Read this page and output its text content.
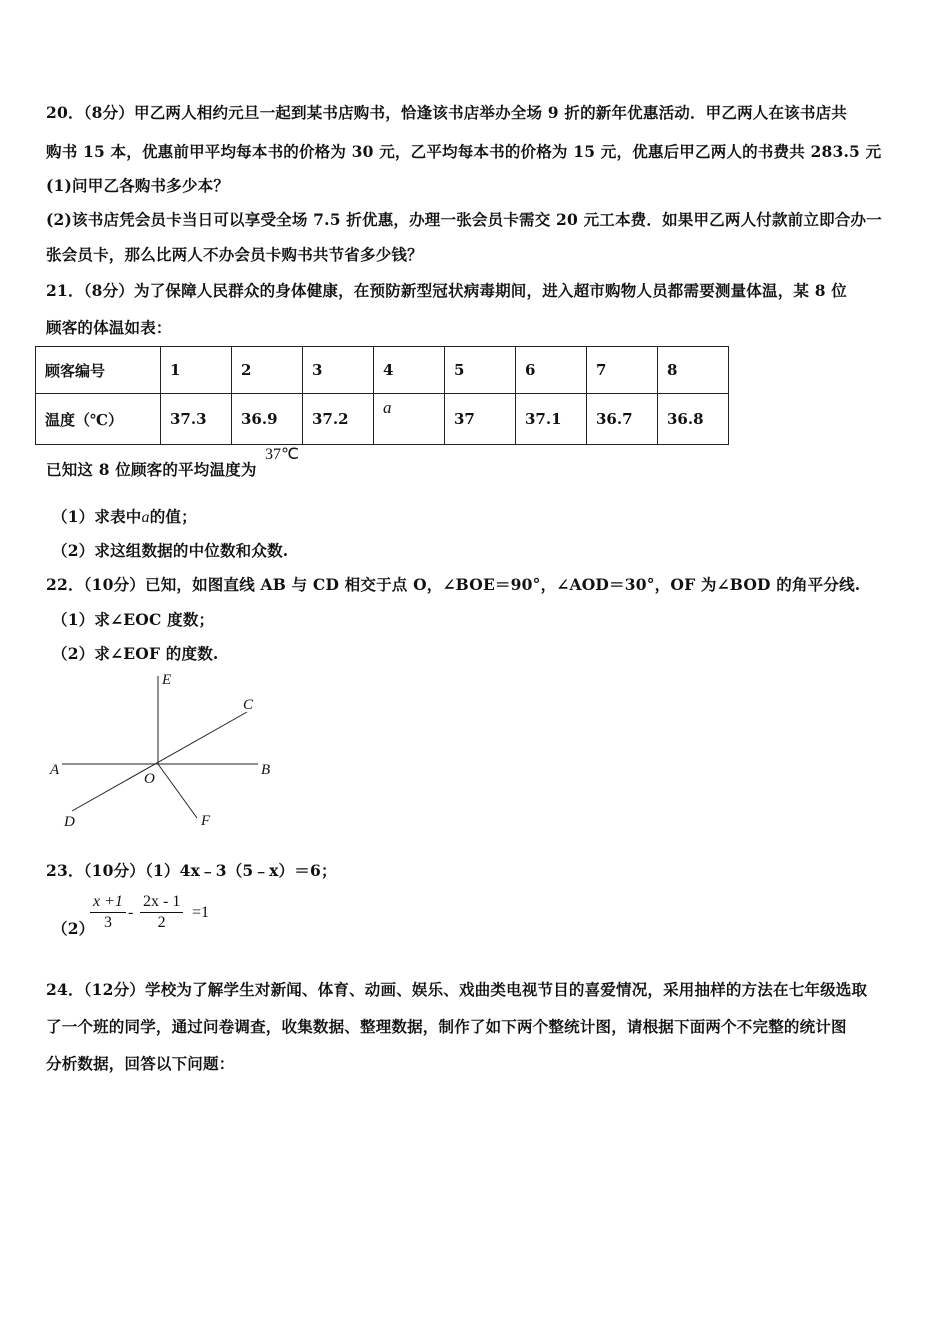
20．（8分）甲乙两人相约元旦一起到某书店购书，恰逢该书店举办全场 9 折的新年优惠活动．甲乙两人在该书店共
购书 15 本，优惠前甲平均每本书的价格为 30 元，乙平均每本书的价格为 15 元，优惠后甲乙两人的书费共 283.5 元
(1)问甲乙各购书多少本？
(2)该书店凭会员卡当日可以享受全场 7.5 折优惠，办理一张会员卡需交 20 元工本费．如果甲乙两人付款前立即合办一
张会员卡，那么比两人不办会员卡购书共节省多少钱？
21．（8分）为了保障人民群众的身体健康，在预防新型冠状病毒期间，进入超市购物人员都需要测量体温，某 8 位
顾客的体温如表：
顾客编号	1	2	3	4	5	6	7	8
温度（℃）	37.3	36.9	37.2	a	37	37.1	36.7	36.8
37℃
已知这 8 位顾客的平均温度为
（1）求表中a的值；
（2）求这组数据的中位数和众数.
22．（10分）已知，如图直线 AB 与 CD 相交于点 O，∠BOE＝90°，∠AOD＝30°，OF 为∠BOD 的角平分线.
（1）求∠EOC 度数；
（2）求∠EOF 的度数.
E
C
A
O
B
D	F
23．（10分）（1）4x﹣3（5﹣x）＝6；
（2）
$\frac{x +1}{3} - \frac{2x - 1}{2} =1$
24．（12分）学校为了解学生对新闻、体育、动画、娱乐、戏曲类电视节目的喜爱情况，采用抽样的方法在七年级选取
了一个班的同学，通过问卷调查，收集数据、整理数据，制作了如下两个整统计图，请根据下面两个不完整的统计图
分析数据，回答以下问题：
